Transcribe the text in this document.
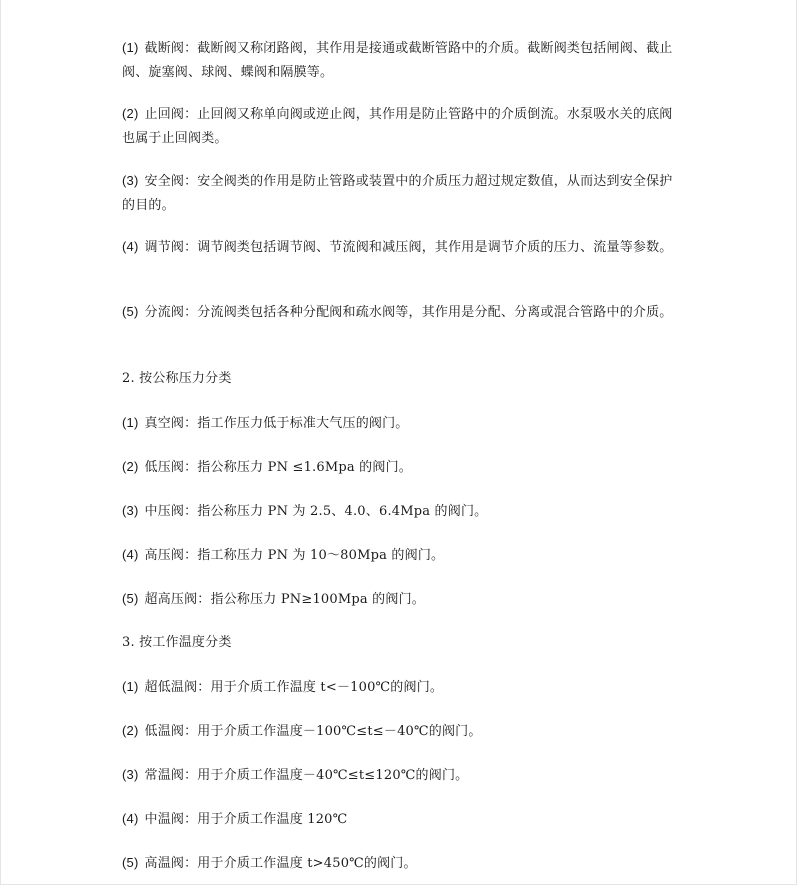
(1) 截断阀：截断阀又称闭路阀，其作用是接通或截断管路中的介质。截断阀类包括闸阀、截止阀、旋塞阀、球阀、蝶阀和隔膜等。
(2) 止回阀：止回阀又称单向阀或逆止阀，其作用是防止管路中的介质倒流。水泵吸水关的底阀也属于止回阀类。
(3) 安全阀：安全阀类的作用是防止管路或装置中的介质压力超过规定数值，从而达到安全保护的目的。
(4) 调节阀：调节阀类包括调节阀、节流阀和减压阀，其作用是调节介质的压力、流量等参数。
(5) 分流阀：分流阀类包括各种分配阀和疏水阀等，其作用是分配、分离或混合管路中的介质。
2. 按公称压力分类
(1) 真空阀：指工作压力低于标准大气压的阀门。
(2) 低压阀：指公称压力 PN ≤1.6Mpa 的阀门。
(3) 中压阀：指公称压力 PN 为 2.5、4.0、6.4Mpa 的阀门。
(4) 高压阀：指工称压力 PN 为 10～80Mpa 的阀门。
(5) 超高压阀：指公称压力 PN≥100Mpa 的阀门。
3. 按工作温度分类
(1) 超低温阀：用于介质工作温度 t<－100℃的阀门。
(2) 低温阀：用于介质工作温度－100℃≤t≤－40℃的阀门。
(3) 常温阀：用于介质工作温度－40℃≤t≤120℃的阀门。
(4) 中温阀：用于介质工作温度 120℃
(5) 高温阀：用于介质工作温度 t>450℃的阀门。
